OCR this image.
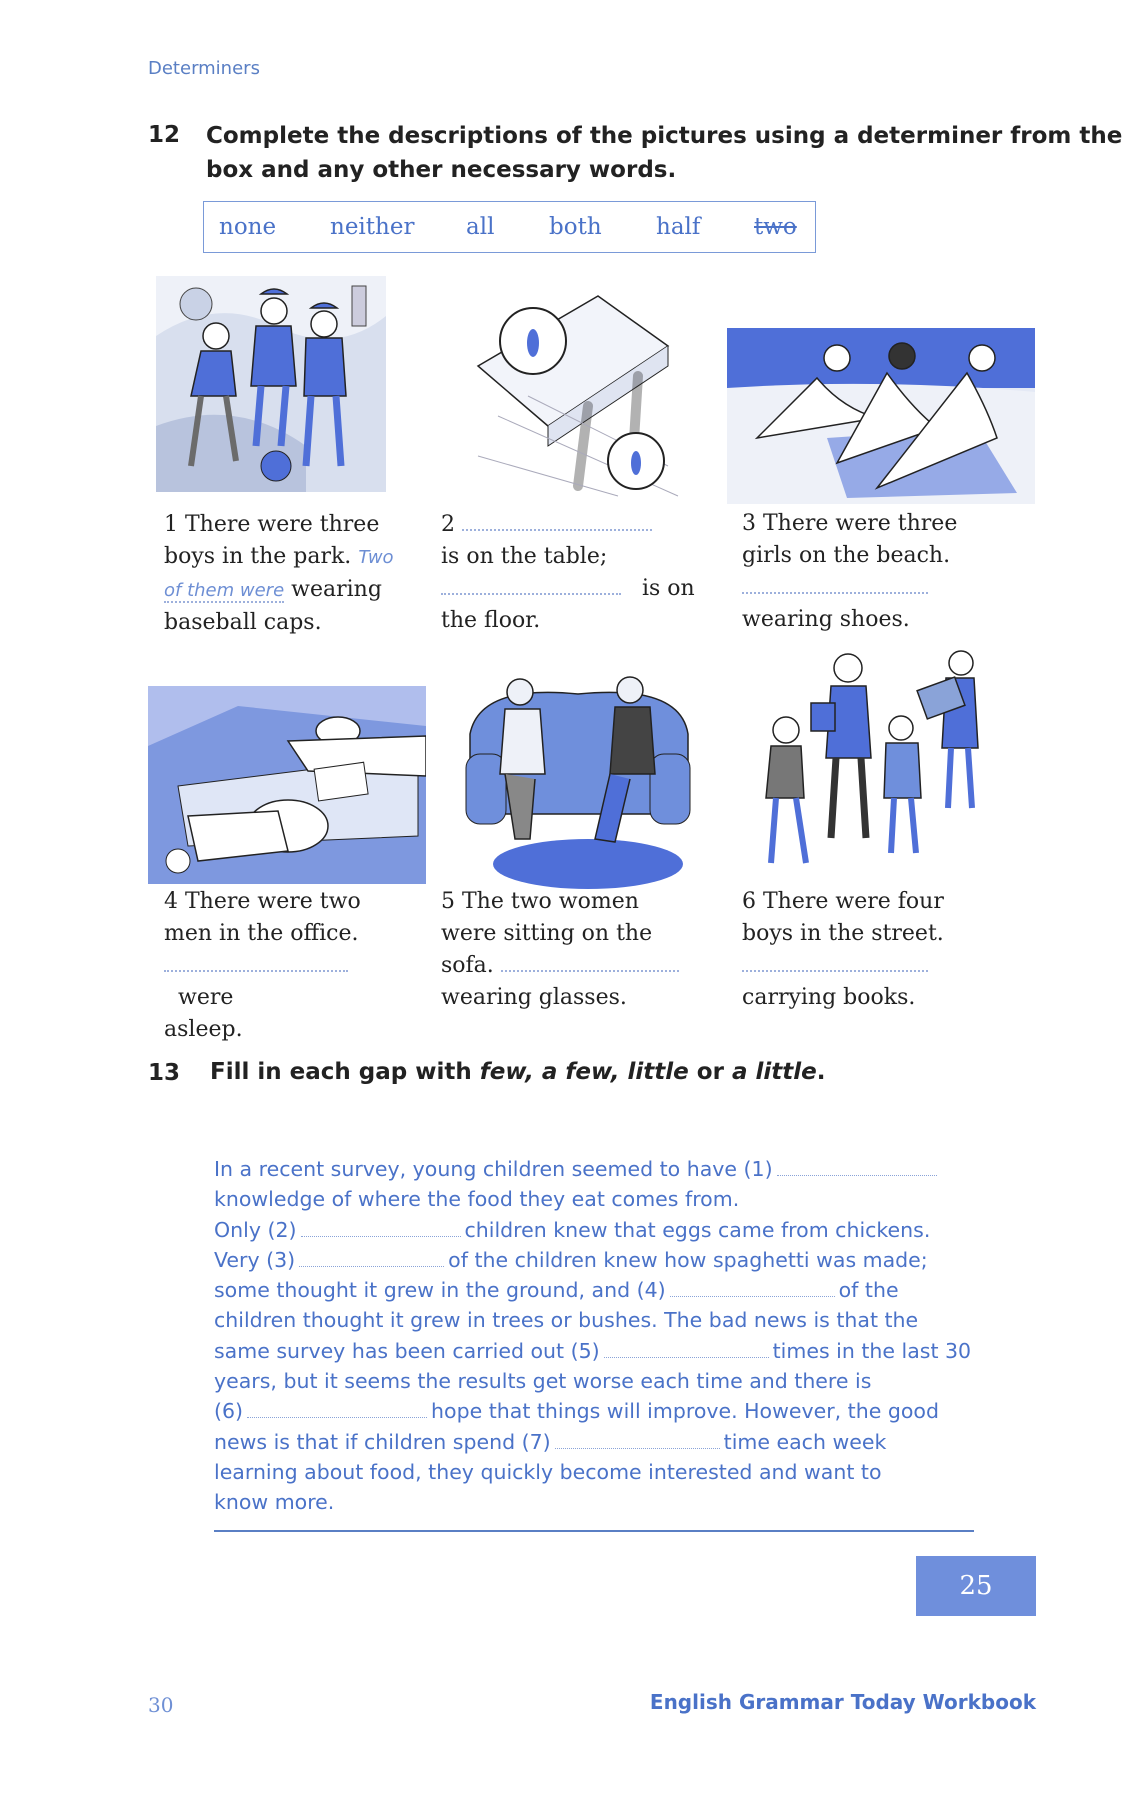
Determiners
12 Complete the descriptions of the pictures using a determiner from the
box and any other necessary words.
none neither all both half two
1 There were three
boys in the park. Two
of them were wearing
baseball caps.
2
is on the table;
is on
the floor.
3 There were three
girls on the beach.
wearing shoes.
4 There were two
men in the office.
were
asleep.
5 The two women
were sitting on the
sofa.
wearing glasses.
6 There were four
boys in the street.
carrying books.
13 Fill in each gap with few, a few, little or a little.
In a recent survey, young children seemed to have (1)
knowledge of where the food they eat comes from.
Only (2)	children knew that eggs came from chickens.
Very (3)	of the children knew how spaghetti was made;
some thought it grew in the ground, and (4)	of the
children thought it grew in trees or bushes. The bad news is that the
same survey has been carried out (5)	times in the last 30
years, but it seems the results get worse each time and there is
(6)	hope that things will improve. However, the good
news is that if children spend (7)	time each week
learning about food, they quickly become interested and want to
know more.
25
30	English Grammar Today Workbook
